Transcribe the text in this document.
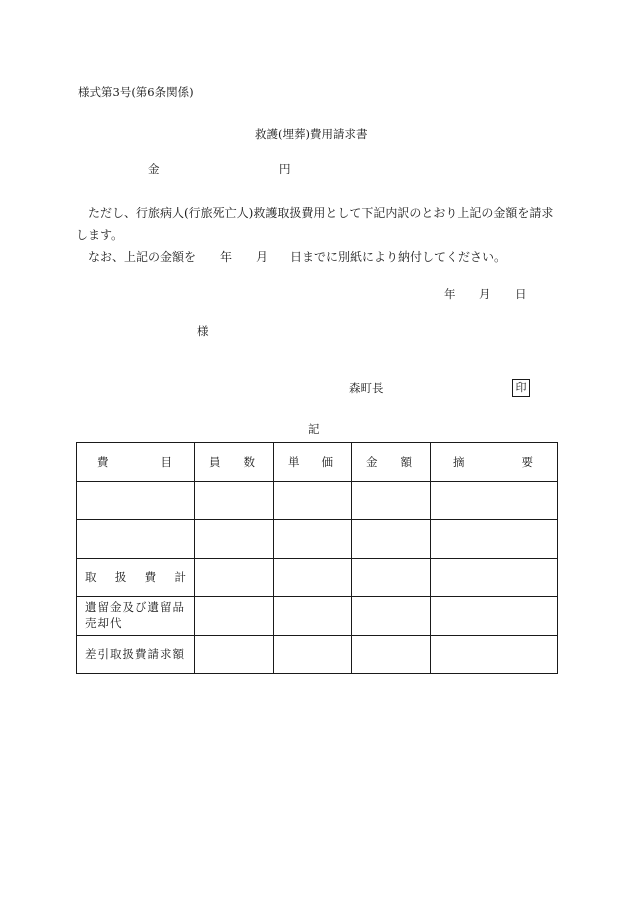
様式第3号(第6条関係)
救護(埋葬)費用請求書
金	円
ただし、行旅病人(行旅死亡人)救護取扱費用として下記内訳のとおり上記の金額を請求
します。
なお、上記の金額を 年 月 日までに別紙により納付してください。
年 月 日
様
森町長	印
記
費 目	員 数	単 価	金 額	摘 要

取 扱 費 計				

遺留金及び遺留品売却代				

差引取扱費請求額				
